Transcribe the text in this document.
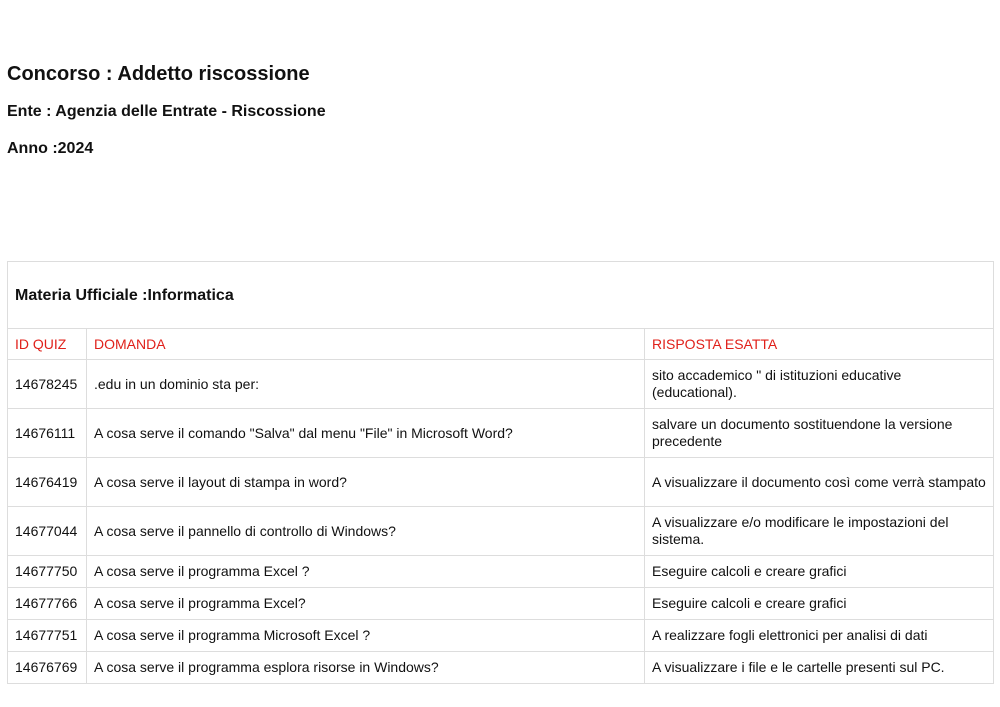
Concorso : Addetto riscossione

Ente : Agenzia delle Entrate - Riscossione

Anno :2024

Materia Ufficiale :Informatica		
ID QUIZ	DOMANDA	RISPOSTA ESATTA
14678245	.edu in un dominio sta per:	sito accademico " di istituzioni educative (educational).
14676111	A cosa serve il comando "Salva" dal menu "File" in Microsoft Word?	salvare un documento sostituendone la versione precedente
14676419	A cosa serve il layout di stampa in word?	A visualizzare il documento così come verrà stampato
14677044	A cosa serve il pannello di controllo di Windows?	A visualizzare e/o modificare le impostazioni del sistema.
14677750	A cosa serve il programma Excel ?	Eseguire calcoli e creare grafici
14677766	A cosa serve il programma Excel?	Eseguire calcoli e creare grafici
14677751	A cosa serve il programma Microsoft Excel ?	A realizzare fogli elettronici per analisi di dati
14676769	A cosa serve il programma esplora risorse in Windows?	A visualizzare i file e le cartelle presenti sul PC.
